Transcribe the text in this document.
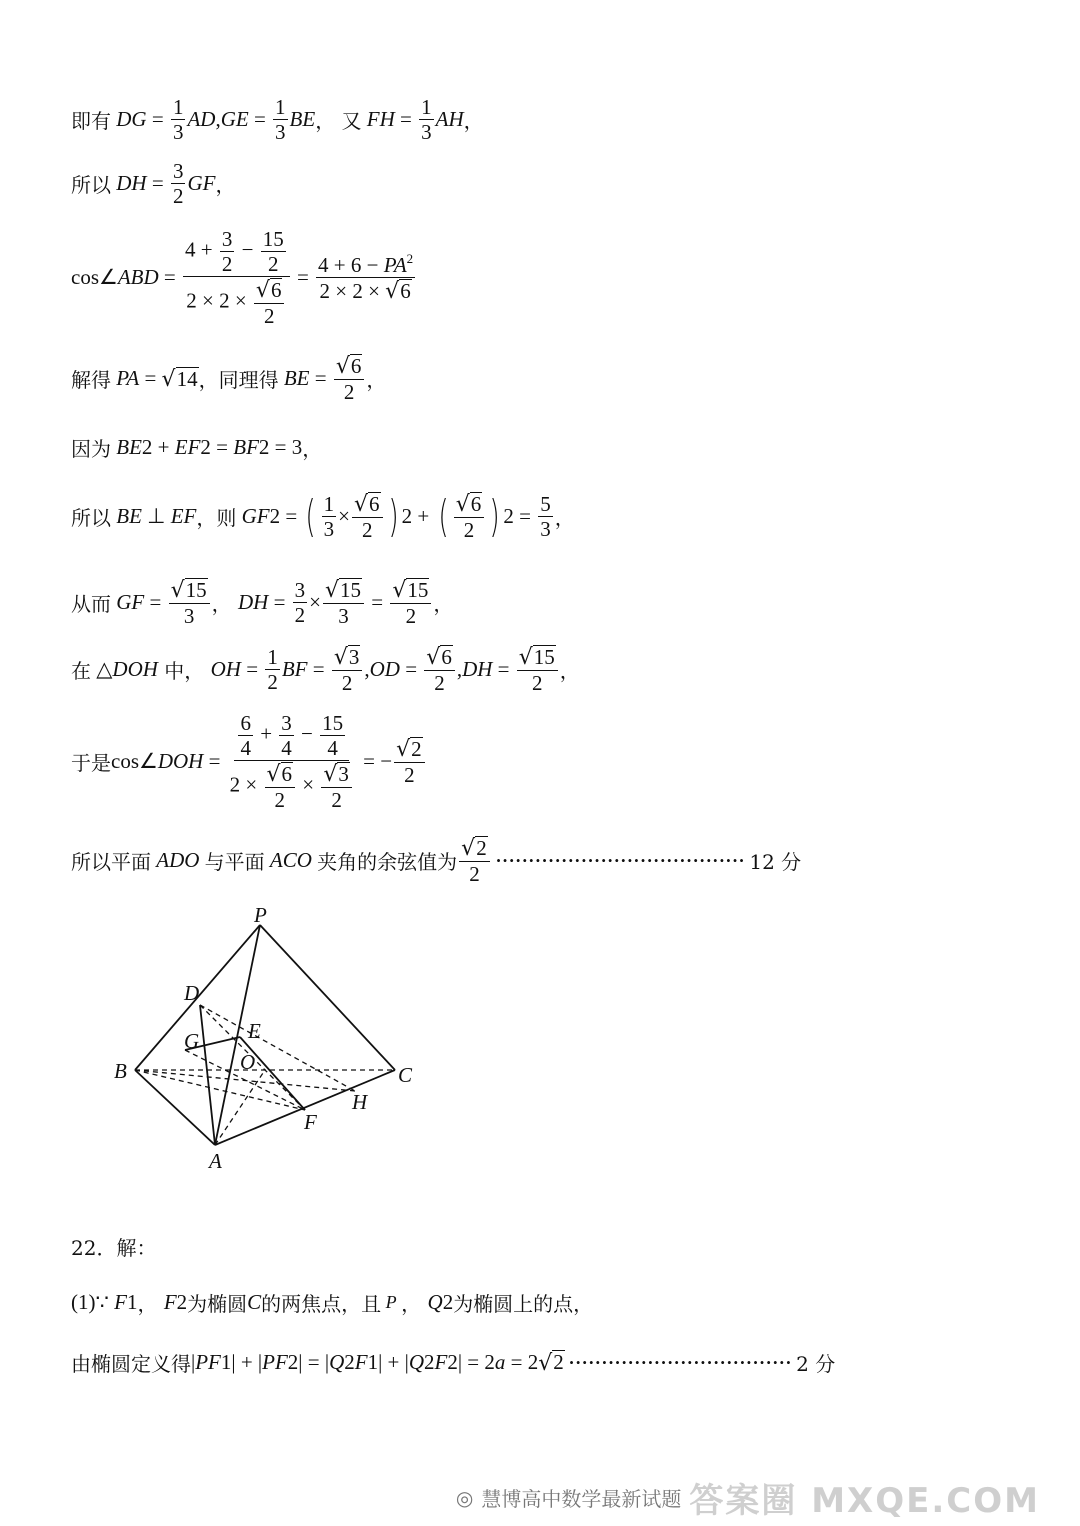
即有 DG = $\frac{1}{3}$ AD , GE = $\frac{1}{3}$ BE ， 又 FH = $\frac{1}{3}$ AH ，
所以 DH = $\frac{3}{2}$ GF ，
cos∠ ABD = $\frac{4 + \frac{3}{2} - \frac{15}{2}}{2 \times 2 \times \frac{√ 6}{2}} = \frac{4 + 6 - PA^2}{2 \times 2 \times √ 6}$
解得 PA = √ 14 ， 同理得 BE = $\frac{√ 6}{2}$ ，
因为 BE 2 + EF 2 = BF 2 = 3 ，
所以 BE ⊥ EF ， 则 GF 2 = ( $\frac{1}{3} \times \frac{√ 6}{2}$ ) 2 + ( $\frac{√ 6}{2}$ ) $2 = \frac{5}{3}$ ，
从而 GF = $\frac{√ 15}{3}$ ， DH = $\frac{3}{2} \times \frac{√ 15}{3} = \frac{√ 15}{2}$ ，
在 △ DOH
中 ， OH = $\frac{1}{2}$ BF = $\frac{√ 3}{2}$ , OD = $\frac{√ 6}{2}$ , DH = $\frac{√ 15}{2}$ ，
于是 cos∠ DOH = $\frac{\frac{6}{4} + \frac{3}{4} - \frac{15}{4}}{2 \times \frac{√ 6}{2} \times \frac{√ 3}{2}}$ = − $\frac{√ 2}{2}$
所以平面 ADO 与平面 ACO 夹角的余弦值为 $\frac{√ 2}{2}$ ······································ 12 分
P
D
E
G
O
B	C
H
F
A
22．解：
(1) ∵ F 1 ， F 2 为椭圆 C 的两焦点，且 P ， Q 2 为椭圆上的点，
由椭圆定义得 | PF 1 | + | PF 2 | = | Q 2 F 1 | + | Q 2 F 2 | = 2 a = 2 √ 2 ·································· 2 分
◎ 慧博高中数学最新试题 答案圈 MXQE.COM
